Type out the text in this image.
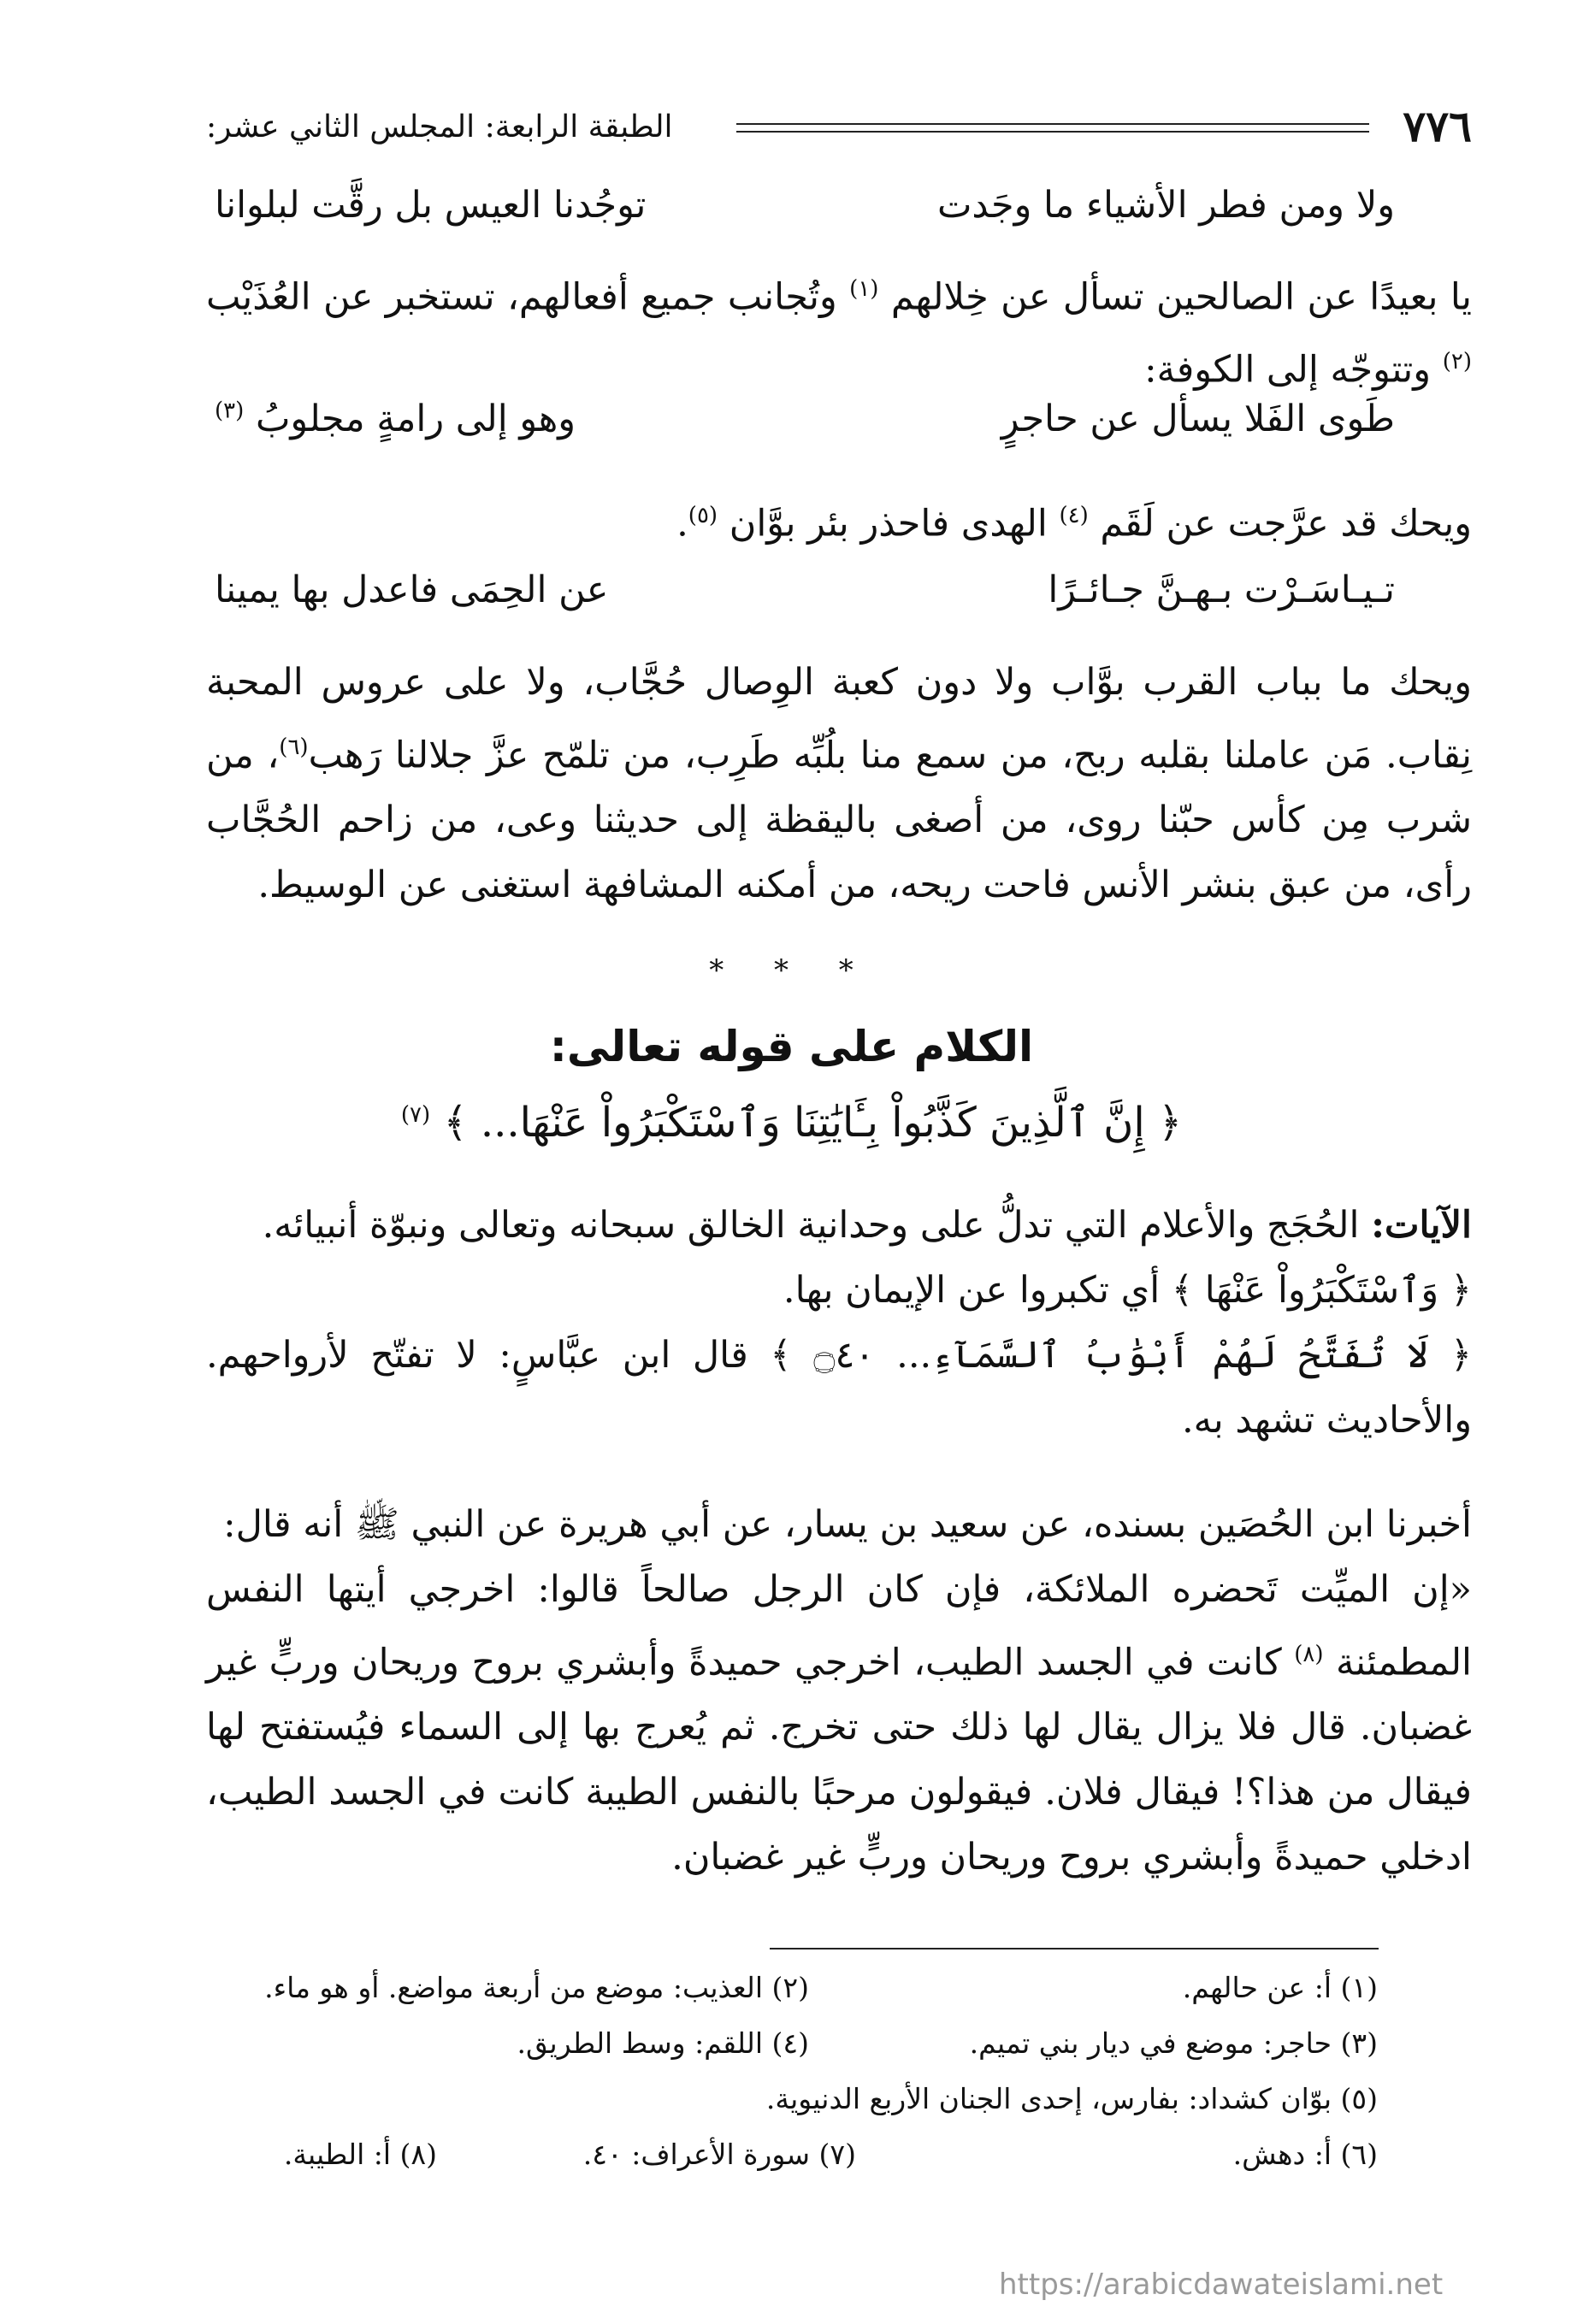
٧٧٦
الطبقة الرابعة: المجلس الثاني عشر:
ولا ومن فطر الأشياء ما وجَدت
توجُدنا العيس بل رقَّت لبلوانا

يا بعيدًا عن الصالحين تسأل عن خِلالهم $^{(١)}$ وتُجانب جميع أفعالهم، تستخبر عن العُذَيْب $^{(٢)}$ وتتوجّه إلى الكوفة:

طَوى الفَلا يسأل عن حاجرٍ
وهو إلى رامةٍ مجلوبُ $^{(٣)}$

ويحك قد عرَّجت عن لَقَم $^{(٤)}$ الهدى فاحذر بئر بوَّان $^{(٥)}$.

تـيـاسَـرْت بـهـنَّ جـائـرًا
عن الحِمَى فاعدل بها يمينا

ويحك ما بباب القرب بوَّاب ولا دون كعبة الوِصال حُجَّاب، ولا على عروس المحبة نِقاب. مَن عاملنا بقلبه ربح، من سمع منا بلُبِّه طَرِب، من تلمّح عزَّ جلالنا رَهب$^{(٦)}$، من شرب مِن كأس حبّنا روى، من أصغى باليقظة إلى حديثنا وعى، من زاحم الحُجَّاب رأى، من عبق بنشر الأنس فاحت ريحه، من أمكنه المشافهة استغنى عن الوسيط.

* * *
الكلام على قوله تعالى:
﴿ إِنَّ ٱلَّذِينَ كَذَّبُواْ بِـَٔايَٰتِنَا وَٱسْتَكْبَرُواْ عَنْهَا... ﴾ $^{(٧)}$

الآيات: الحُجَج والأعلام التي تدلُّ على وحدانية الخالق سبحانه وتعالى ونبوّة أنبيائه.
﴿ وَٱسْتَكْبَرُواْ عَنْهَا ﴾ أي تكبروا عن الإيمان بها.
﴿ لَا تُفَتَّحُ لَهُمْ أَبْوَٰبُ ٱلسَّمَآءِ... ۝٤٠ ﴾ قال ابن عبَّاسٍ: لا تفتّح لأرواحهم. والأحاديث تشهد به.

أخبرنا ابن الحُصَين بسنده، عن سعيد بن يسار، عن أبي هريرة عن النبي ﷺ أنه قال:
«إن الميِّت تَحضره الملائكة، فإن كان الرجل صالحاً قالوا: اخرجي أيتها النفس المطمئنة $^{(٨)}$ كانت في الجسد الطيب، اخرجي حميدةً وأبشري بروح وريحان وربٍّ غير غضبان. قال فلا يزال يقال لها ذلك حتى تخرج. ثم يُعرج بها إلى السماء فيُستفتح لها فيقال من هذا؟! فيقال فلان. فيقولون مرحبًا بالنفس الطيبة كانت في الجسد الطيب، ادخلي حميدةً وأبشري بروح وريحان وربٍّ غير غضبان.

(١) أ: عن حالهم.
(٢) العذيب: موضع من أربعة مواضع. أو هو ماء.
(٣) حاجر: موضع في ديار بني تميم.
(٤) اللقم: وسط الطريق.
(٥) بوّان كشداد: بفارس، إحدى الجنان الأربع الدنيوية.
(٦) أ: دهش.
(٧) سورة الأعراف: ٤٠.
(٨) أ: الطيبة.
https://arabicdawateislami.net
